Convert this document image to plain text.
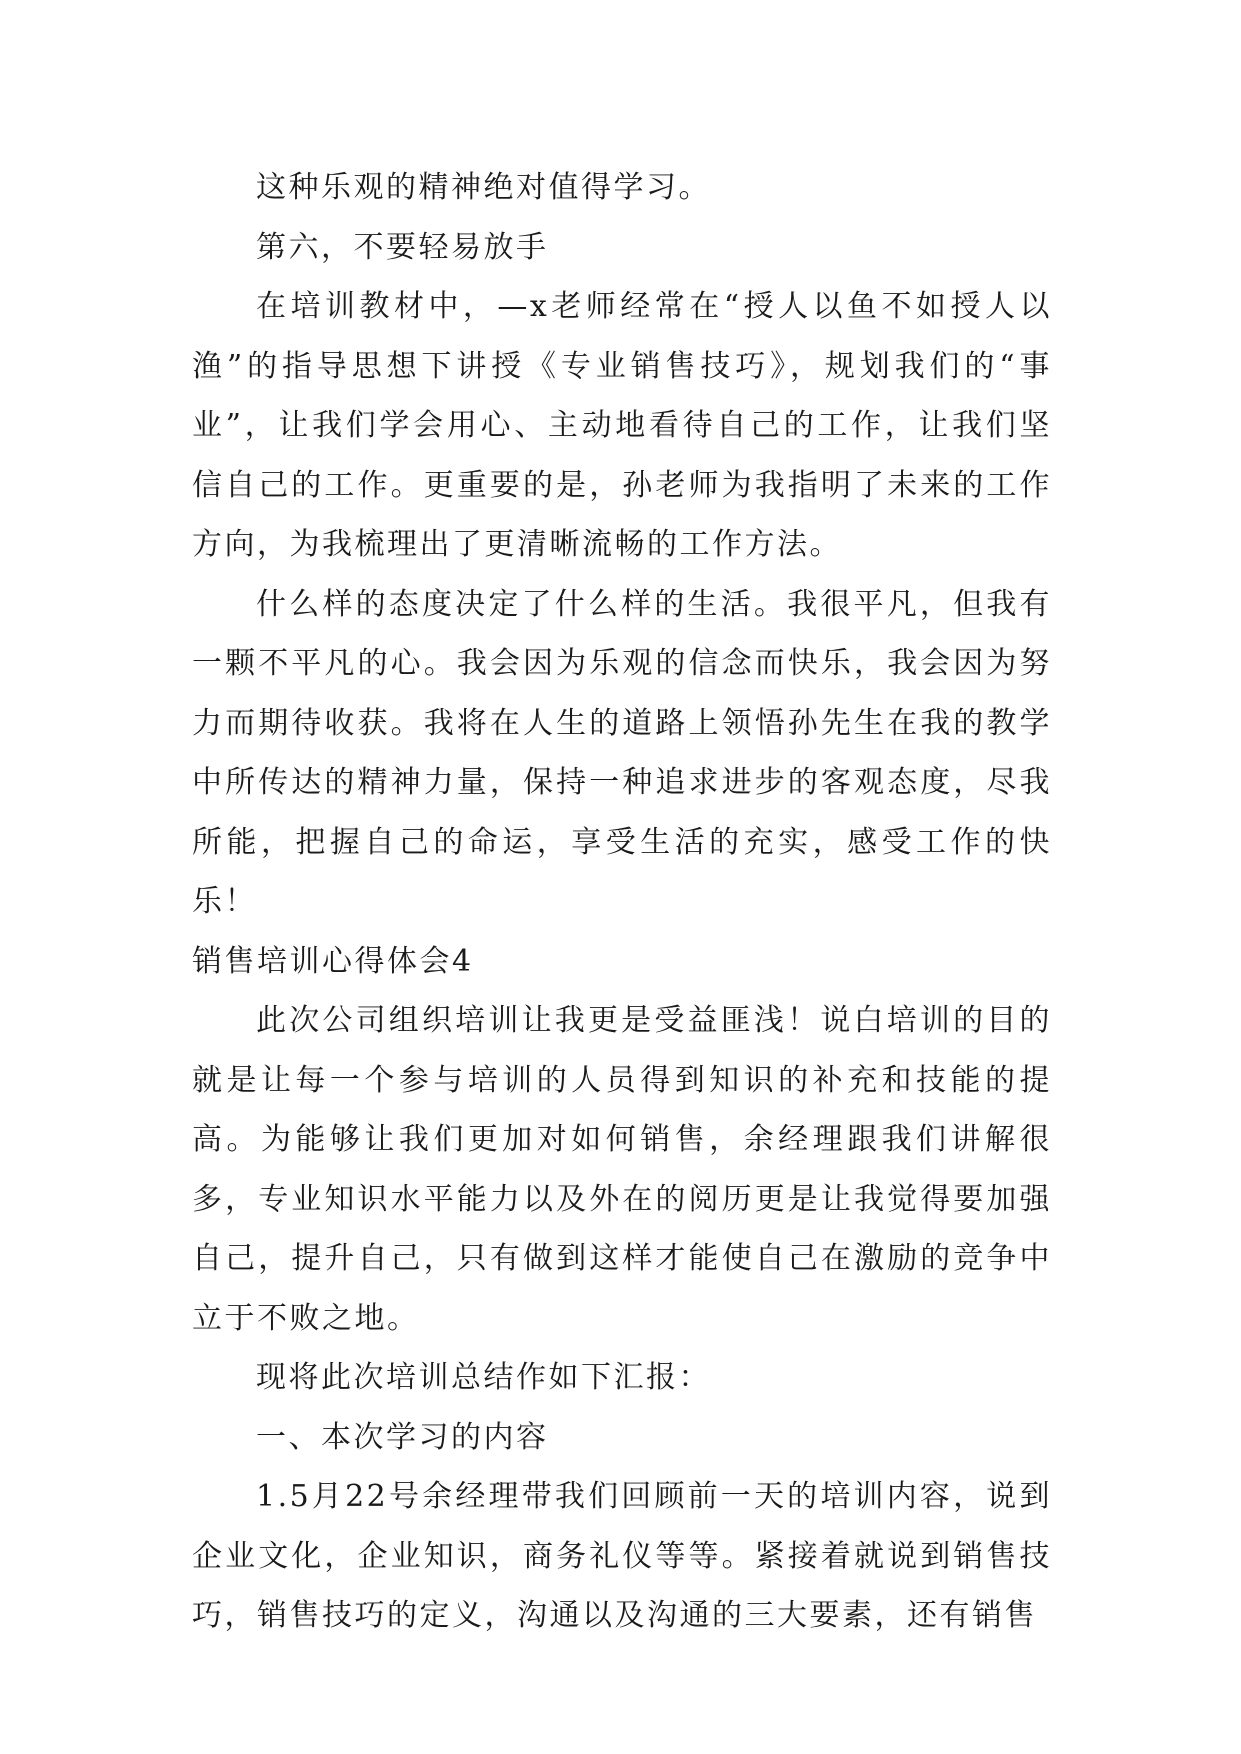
这种乐观的精神绝对值得学习。

第六，不要轻易放手

在培训教材中，—x老师经常在“授人以鱼不如授人以渔”的指导思想下讲授《专业销售技巧》，规划我们的“事业”，让我们学会用心、主动地看待自己的工作，让我们坚信自己的工作。更重要的是，孙老师为我指明了未来的工作方向，为我梳理出了更清晰流畅的工作方法。

什么样的态度决定了什么样的生活。我很平凡，但我有一颗不平凡的心。我会因为乐观的信念而快乐，我会因为努力而期待收获。我将在人生的道路上领悟孙先生在我的教学中所传达的精神力量，保持一种追求进步的客观态度，尽我所能，把握自己的命运，享受生活的充实，感受工作的快乐！

销售培训心得体会4

此次公司组织培训让我更是受益匪浅！说白培训的目的就是让每一个参与培训的人员得到知识的补充和技能的提高。为能够让我们更加对如何销售，余经理跟我们讲解很多，专业知识水平能力以及外在的阅历更是让我觉得要加强自己，提升自己，只有做到这样才能使自己在激励的竞争中立于不败之地。

现将此次培训总结作如下汇报：

一、本次学习的内容

1.5月22号余经理带我们回顾前一天的培训内容，说到企业文化，企业知识，商务礼仪等等。紧接着就说到销售技巧，销售技巧的定义，沟通以及沟通的三大要素，还有销售
